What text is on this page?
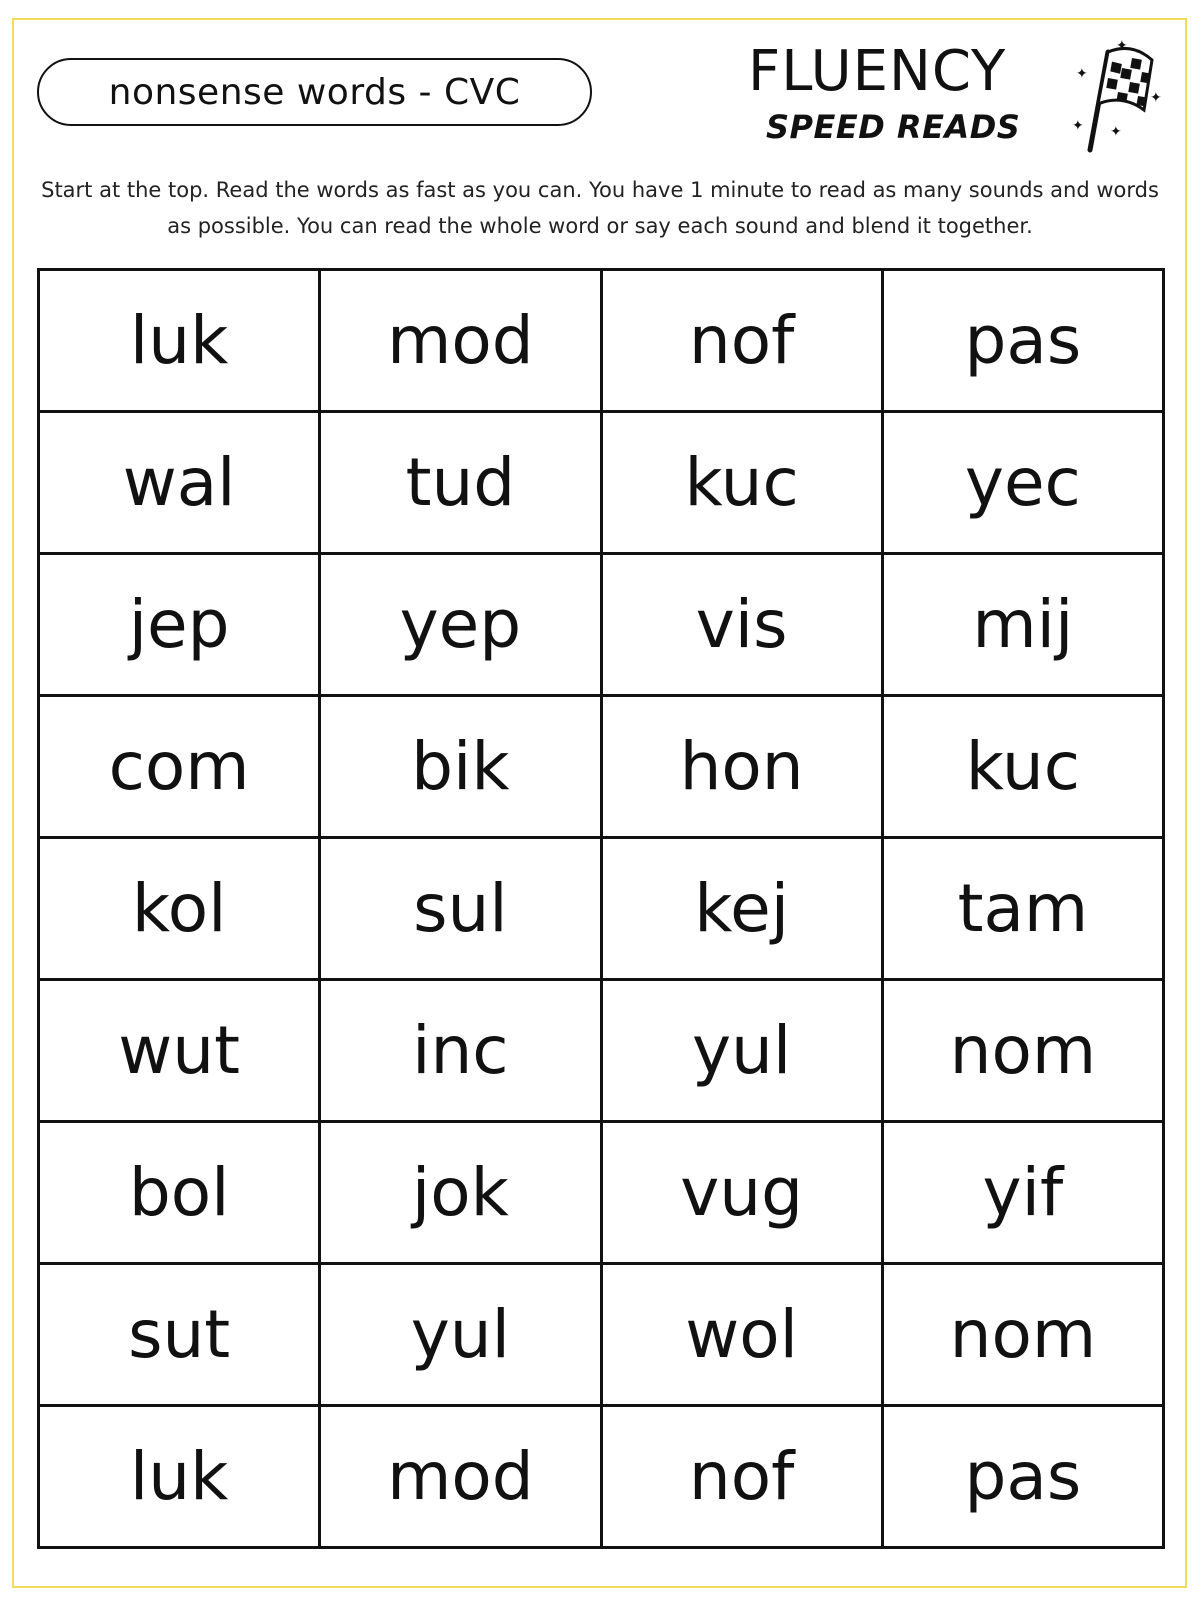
nonsense words - CVC	FLUENCY
SPEED READS
✦
✦
✦
✦ ✦
Start at the top. Read the words as fast as you can. You have 1 minute to read as many sounds and words as possible. You can read the whole word or say each sound and blend it together.
luk	mod	nof	pas
wal	tud	kuc	yec
jep	yep	vis	mij
com	bik	hon	kuc
kol	sul	kej	tam
wut	inc	yul	nom
bol	jok	vug	yif
sut	yul	wol	nom
luk	mod	nof	pas
